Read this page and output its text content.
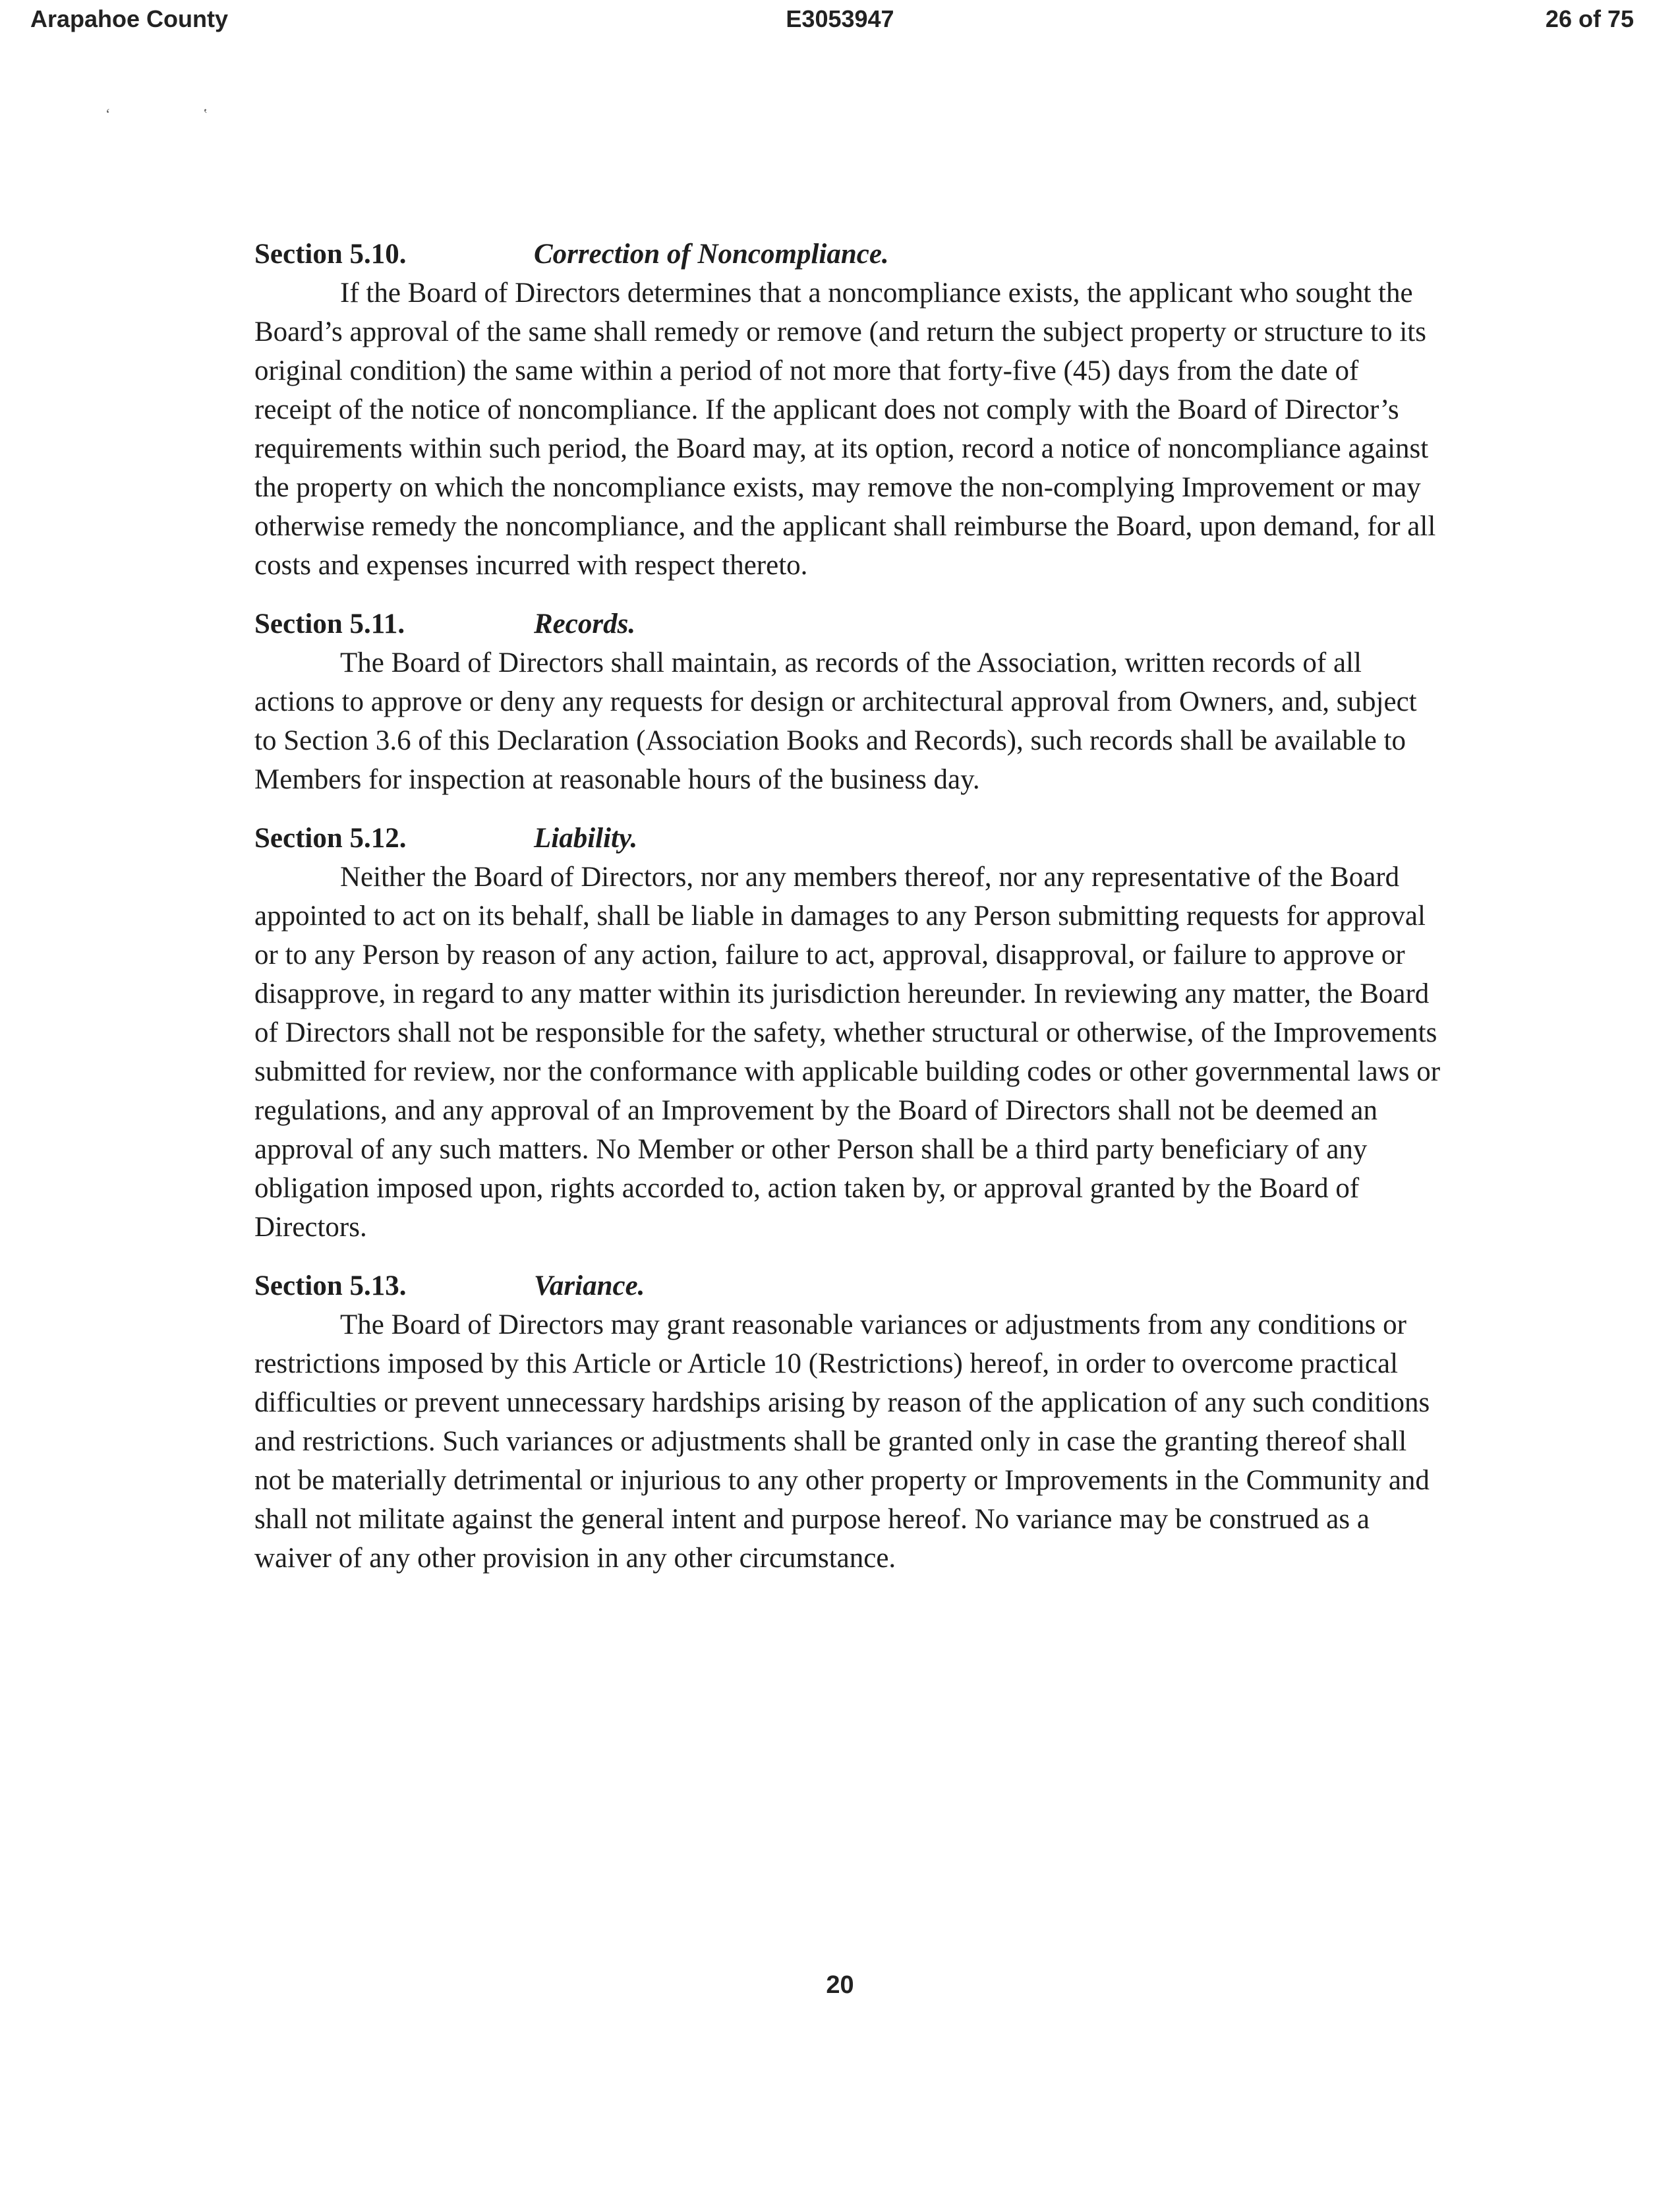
Arapahoe County	E3053947	26 of 75
‘	‛
Section 5.10.	Correction of Noncompliance.

If the Board of Directors determines that a noncompliance exists, the applicant who sought the Board’s approval of the same shall remedy or remove (and return the subject property or structure to its original condition) the same within a period of not more that forty-five (45) days from the date of receipt of the notice of noncompliance. If the applicant does not comply with the Board of Director’s requirements within such period, the Board may, at its option, record a notice of noncompliance against the property on which the noncompliance exists, may remove the non-complying Improvement or may otherwise remedy the noncompliance, and the applicant shall reimburse the Board, upon demand, for all costs and expenses incurred with respect thereto.

Section 5.11.	Records.

The Board of Directors shall maintain, as records of the Association, written records of all actions to approve or deny any requests for design or architectural approval from Owners, and, subject to Section 3.6 of this Declaration (Association Books and Records), such records shall be available to Members for inspection at reasonable hours of the business day.

Section 5.12.	Liability.

Neither the Board of Directors, nor any members thereof, nor any representative of the Board appointed to act on its behalf, shall be liable in damages to any Person submitting requests for approval or to any Person by reason of any action, failure to act, approval, disapproval, or failure to approve or disapprove, in regard to any matter within its jurisdiction hereunder. In reviewing any matter, the Board of Directors shall not be responsible for the safety, whether structural or otherwise, of the Improvements submitted for review, nor the conformance with applicable building codes or other governmental laws or regulations, and any approval of an Improvement by the Board of Directors shall not be deemed an approval of any such matters. No Member or other Person shall be a third party beneficiary of any obligation imposed upon, rights accorded to, action taken by, or approval granted by the Board of Directors.

Section 5.13.	Variance.

The Board of Directors may grant reasonable variances or adjustments from any conditions or restrictions imposed by this Article or Article 10 (Restrictions) hereof, in order to overcome practical difficulties or prevent unnecessary hardships arising by reason of the application of any such conditions and restrictions. Such variances or adjustments shall be granted only in case the granting thereof shall not be materially detrimental or injurious to any other property or Improvements in the Community and shall not militate against the general intent and purpose hereof. No variance may be construed as a waiver of any other provision in any other circumstance.

20
